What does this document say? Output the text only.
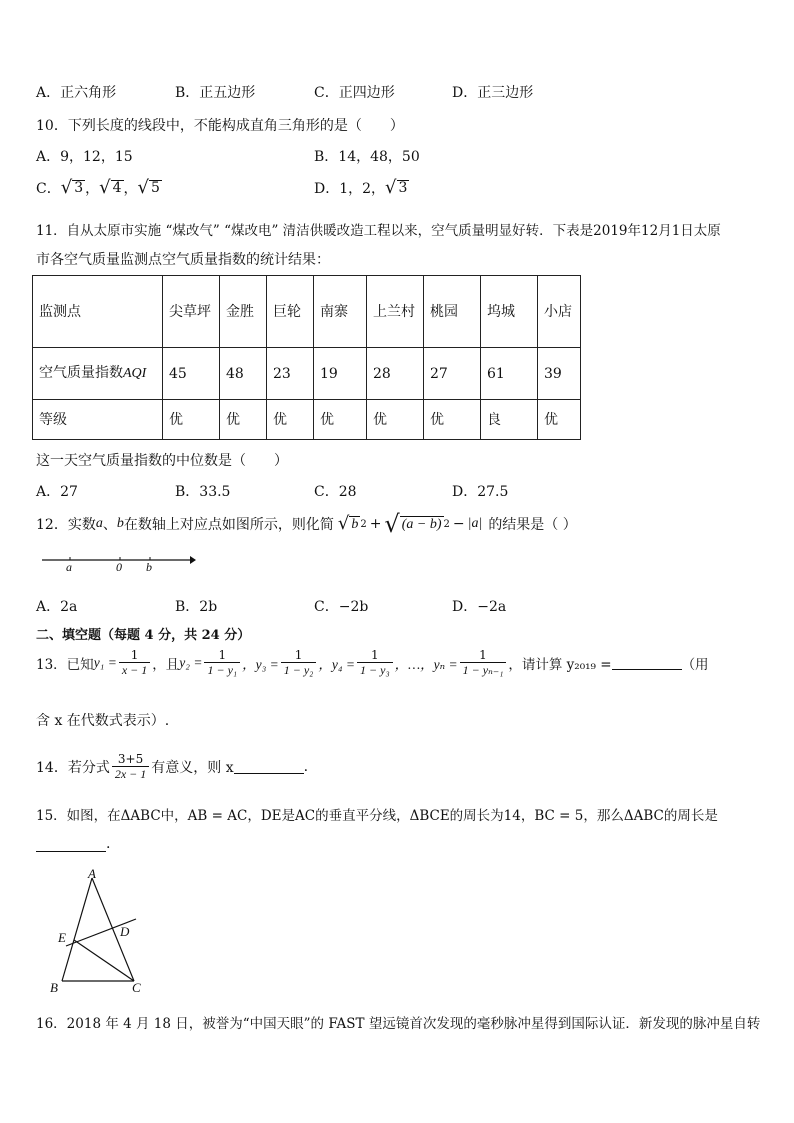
A．正六角形	B．正五边形	C．正四边形	D．正三边形
10．下列长度的线段中，不能构成直角三角形的是（　　）
A．9，12，15	B．14，48，50
C． √ 3 ， √ 4 ， √ 5	D．1，2， √ 3
11．自从太原市实施 “煤改气” “煤改电” 清洁供暖改造工程以来，空气质量明显好转．下表是2019年12月1日太原
市各空气质量监测点空气质量指数的统计结果：
监测点	尖草坪	金胜	巨轮	南寨	上兰村	桃园	坞城	小店
空气质量指数AQI	45	48	23	19	28	27	61	39
等级	优	优	优	优	优	优	良	优
这一天空气质量指数的中位数是（　　）
A．27	B．33.5	C．28	D．27.5
12．实数 a 、 b 在数轴上对应点如图所示，则化简 √ b 2 + √ (a − b) 2 − |a| 的结果是（ ）
a	0 b
A．2a	B．2b	C．−2b	D．−2a
二、填空题（每题 4 分，共 24 分）
13．已知 $y_1 = \frac{1}{x - 1}$ ，且 $y_2 = \frac{1}{\text{1 − y₁}}$ ，$y_3 = \frac{1}{\text{1 − y₂}}$ ，$y_4 = \frac{1}{\text{1 − y₃}}$ ，…，$y_n = \frac{1}{\text{1 − yₙ₋₁}}$ ，请计算 y₂₀₁₉ =	（用
含 x 在代数式表示）.
14．若分式 $\frac{3+5}{2x - 1}$ 有意义，则 x	.
15．如图，在ΔABC中，AB = AC，DE是AC的垂直平分线，ΔBCE的周长为14，BC = 5，那么ΔABC的周长是
.
A
D
E
B	C
16．2018 年 4 月 18 日，被誉为“中国天眼”的 FAST 望远镜首次发现的毫秒脉冲星得到国际认证．新发现的脉冲星自转
